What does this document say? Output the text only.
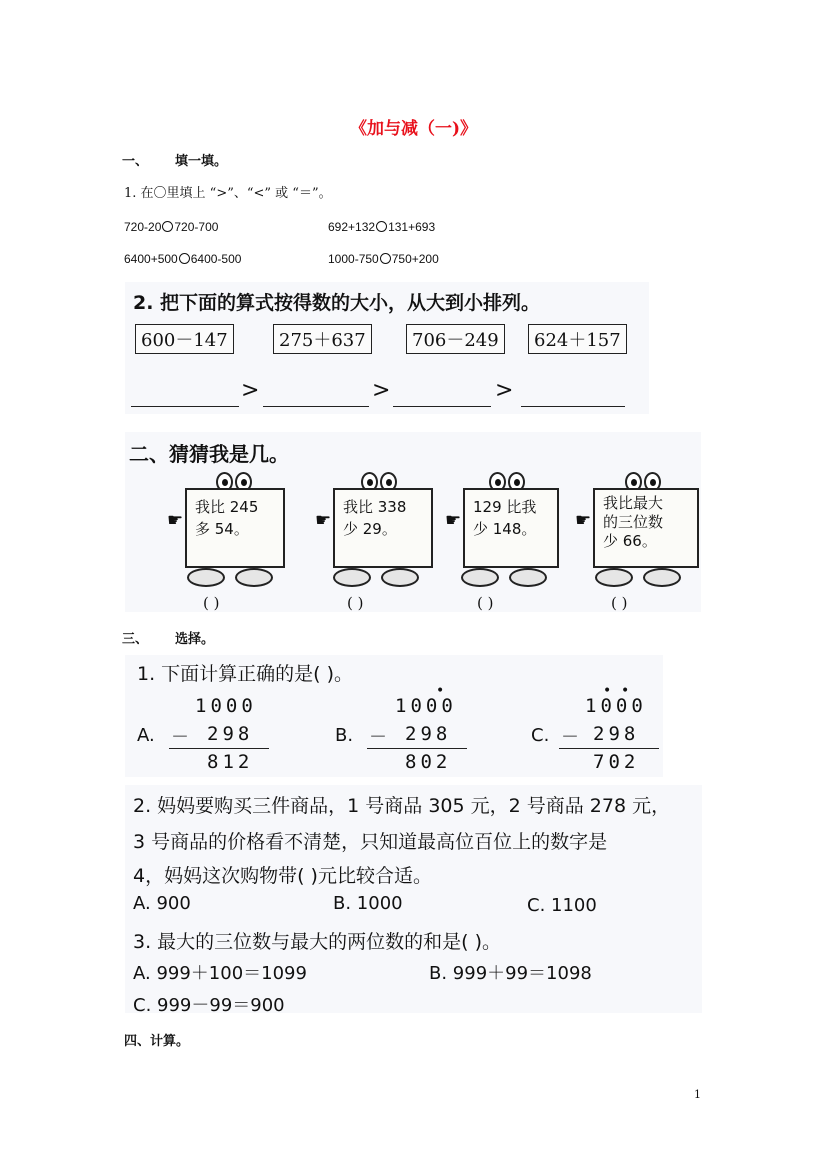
《加与减（一)》
一、 填一填。
1. 在〇里填上 “>”、“<” 或 “＝”。
720-20 720-700	692+132 131+693
6400+500 6400-500	1000-750 750+200
2. 把下面的算式按得数的大小，从大到小排列。
600－147	275＋637	706－249	624＋157
>	>	>
二、猜猜我是几。
☛
我比 245
多 54。
( )
☛
我比 338
少 29。
( )
☛
129 比我
少 148。
( )
☛
我比最大
的三位数
少 66。
( )
三、 选择。
1. 下面计算正确的是( )。
1000
A. － 298
812
•
1000
B. － 298
802
• •
1000
C. － 298
702
2. 妈妈要购买三件商品，1 号商品 305 元，2 号商品 278 元，
3 号商品的价格看不清楚，只知道最高位百位上的数字是
4，妈妈这次购物带( )元比较合适。
A. 900	B. 1000	C. 1100
3. 最大的三位数与最大的两位数的和是( )。
A. 999＋100＝1099	B. 999＋99＝1098
C. 999－99＝900
四、计算。
1
